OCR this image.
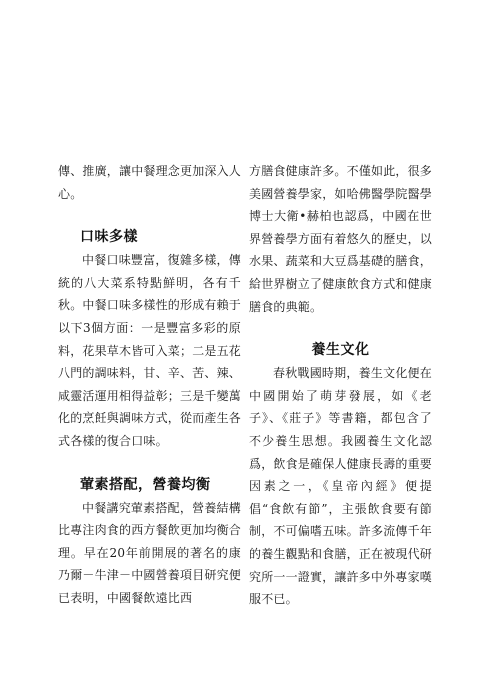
傳、推廣，讓中餐理念更加深入人心。

口味多樣

中餐口味豐富，復雜多樣，傳統的八大菜系特點鮮明，各有千秋。中餐口味多樣性的形成有賴于以下3個方面：一是豐富多彩的原料，花果草木皆可入菜；二是五花八門的調味料，甘、辛、苦、辣、咸靈活運用相得益彰；三是千變萬化的烹飪與調味方式，從而產生各式各樣的復合口味。

葷素搭配，營養均衡

中餐講究葷素搭配，營養結構比專注肉食的西方餐飲更加均衡合理。早在20年前開展的著名的康乃爾－牛津－中國營養項目研究便已表明，中國餐飲遠比西

方膳食健康許多。不僅如此，很多美國營養學家，如哈佛醫學院醫學博士大衛•赫柏也認爲，中國在世界營養學方面有着悠久的歷史，以水果、蔬菜和大豆爲基礎的膳食，給世界樹立了健康飲食方式和健康膳食的典範。

養生文化

春秋戰國時期，養生文化便在中國開始了萌芽發展，如《老子》、《莊子》等書籍，都包含了不少養生思想。我國養生文化認爲，飲食是確保人健康長壽的重要因素之一，《皇帝內經》便提倡“食飲有節”，主張飲食要有節制，不可偏嗜五味。許多流傳千年的養生觀點和食膳，正在被現代研究所一一證實，讓許多中外專家嘆服不已。
